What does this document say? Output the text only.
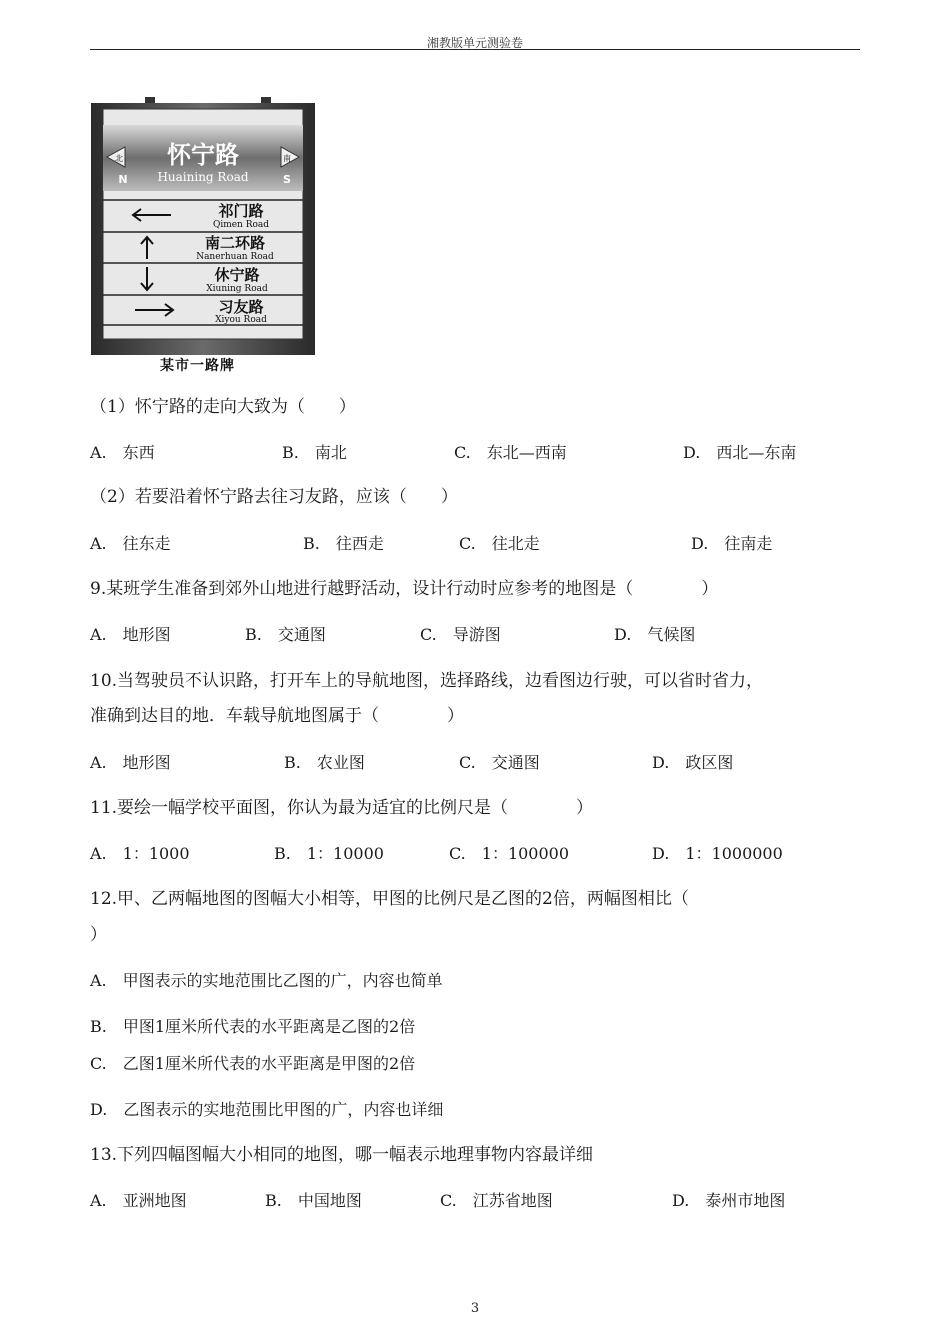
湘教版单元测验卷
北
N
南
S
怀宁路
Huaining Road
祁门路
Qimen Road
南二环路
Nanerhuan Road
休宁路
Xiuning Road
习友路
Xiyou Road
某市一路牌
（1）怀宁路的走向大致为（　　）
A.　东西	B.　南北	C.　东北—西南	D.　西北—东南
（2）若要沿着怀宁路去往习友路，应该（　　）
A.　往东走	B.　往西走	C.　往北走	D.　往南走
9.某班学生准备到郊外山地进行越野活动，设计行动时应参考的地图是（　　　　）
A.　地形图	B.　交通图	C.　导游图	D.　气候图
10.当驾驶员不认识路，打开车上的导航地图，选择路线，边看图边行驶，可以省时省力，
准确到达目的地．车载导航地图属于（　　　　）
A.　地形图	B.　农业图	C.　交通图	D.　政区图
11.要绘一幅学校平面图，你认为最为适宜的比例尺是（　　　　）
A.　1：1000	B.　1：10000	C.　1：100000	D.　1：1000000
12.甲、乙两幅地图的图幅大小相等，甲图的比例尺是乙图的2倍，两幅图相比（
）
A.　甲图表示的实地范围比乙图的广，内容也简单
B.　甲图1厘米所代表的水平距离是乙图的2倍
C.　乙图1厘米所代表的水平距离是甲图的2倍
D.　乙图表示的实地范围比甲图的广，内容也详细
13.下列四幅图幅大小相同的地图，哪一幅表示地理事物内容最详细
A.　亚洲地图	B.　中国地图	C.　江苏省地图	D.　泰州市地图
3
